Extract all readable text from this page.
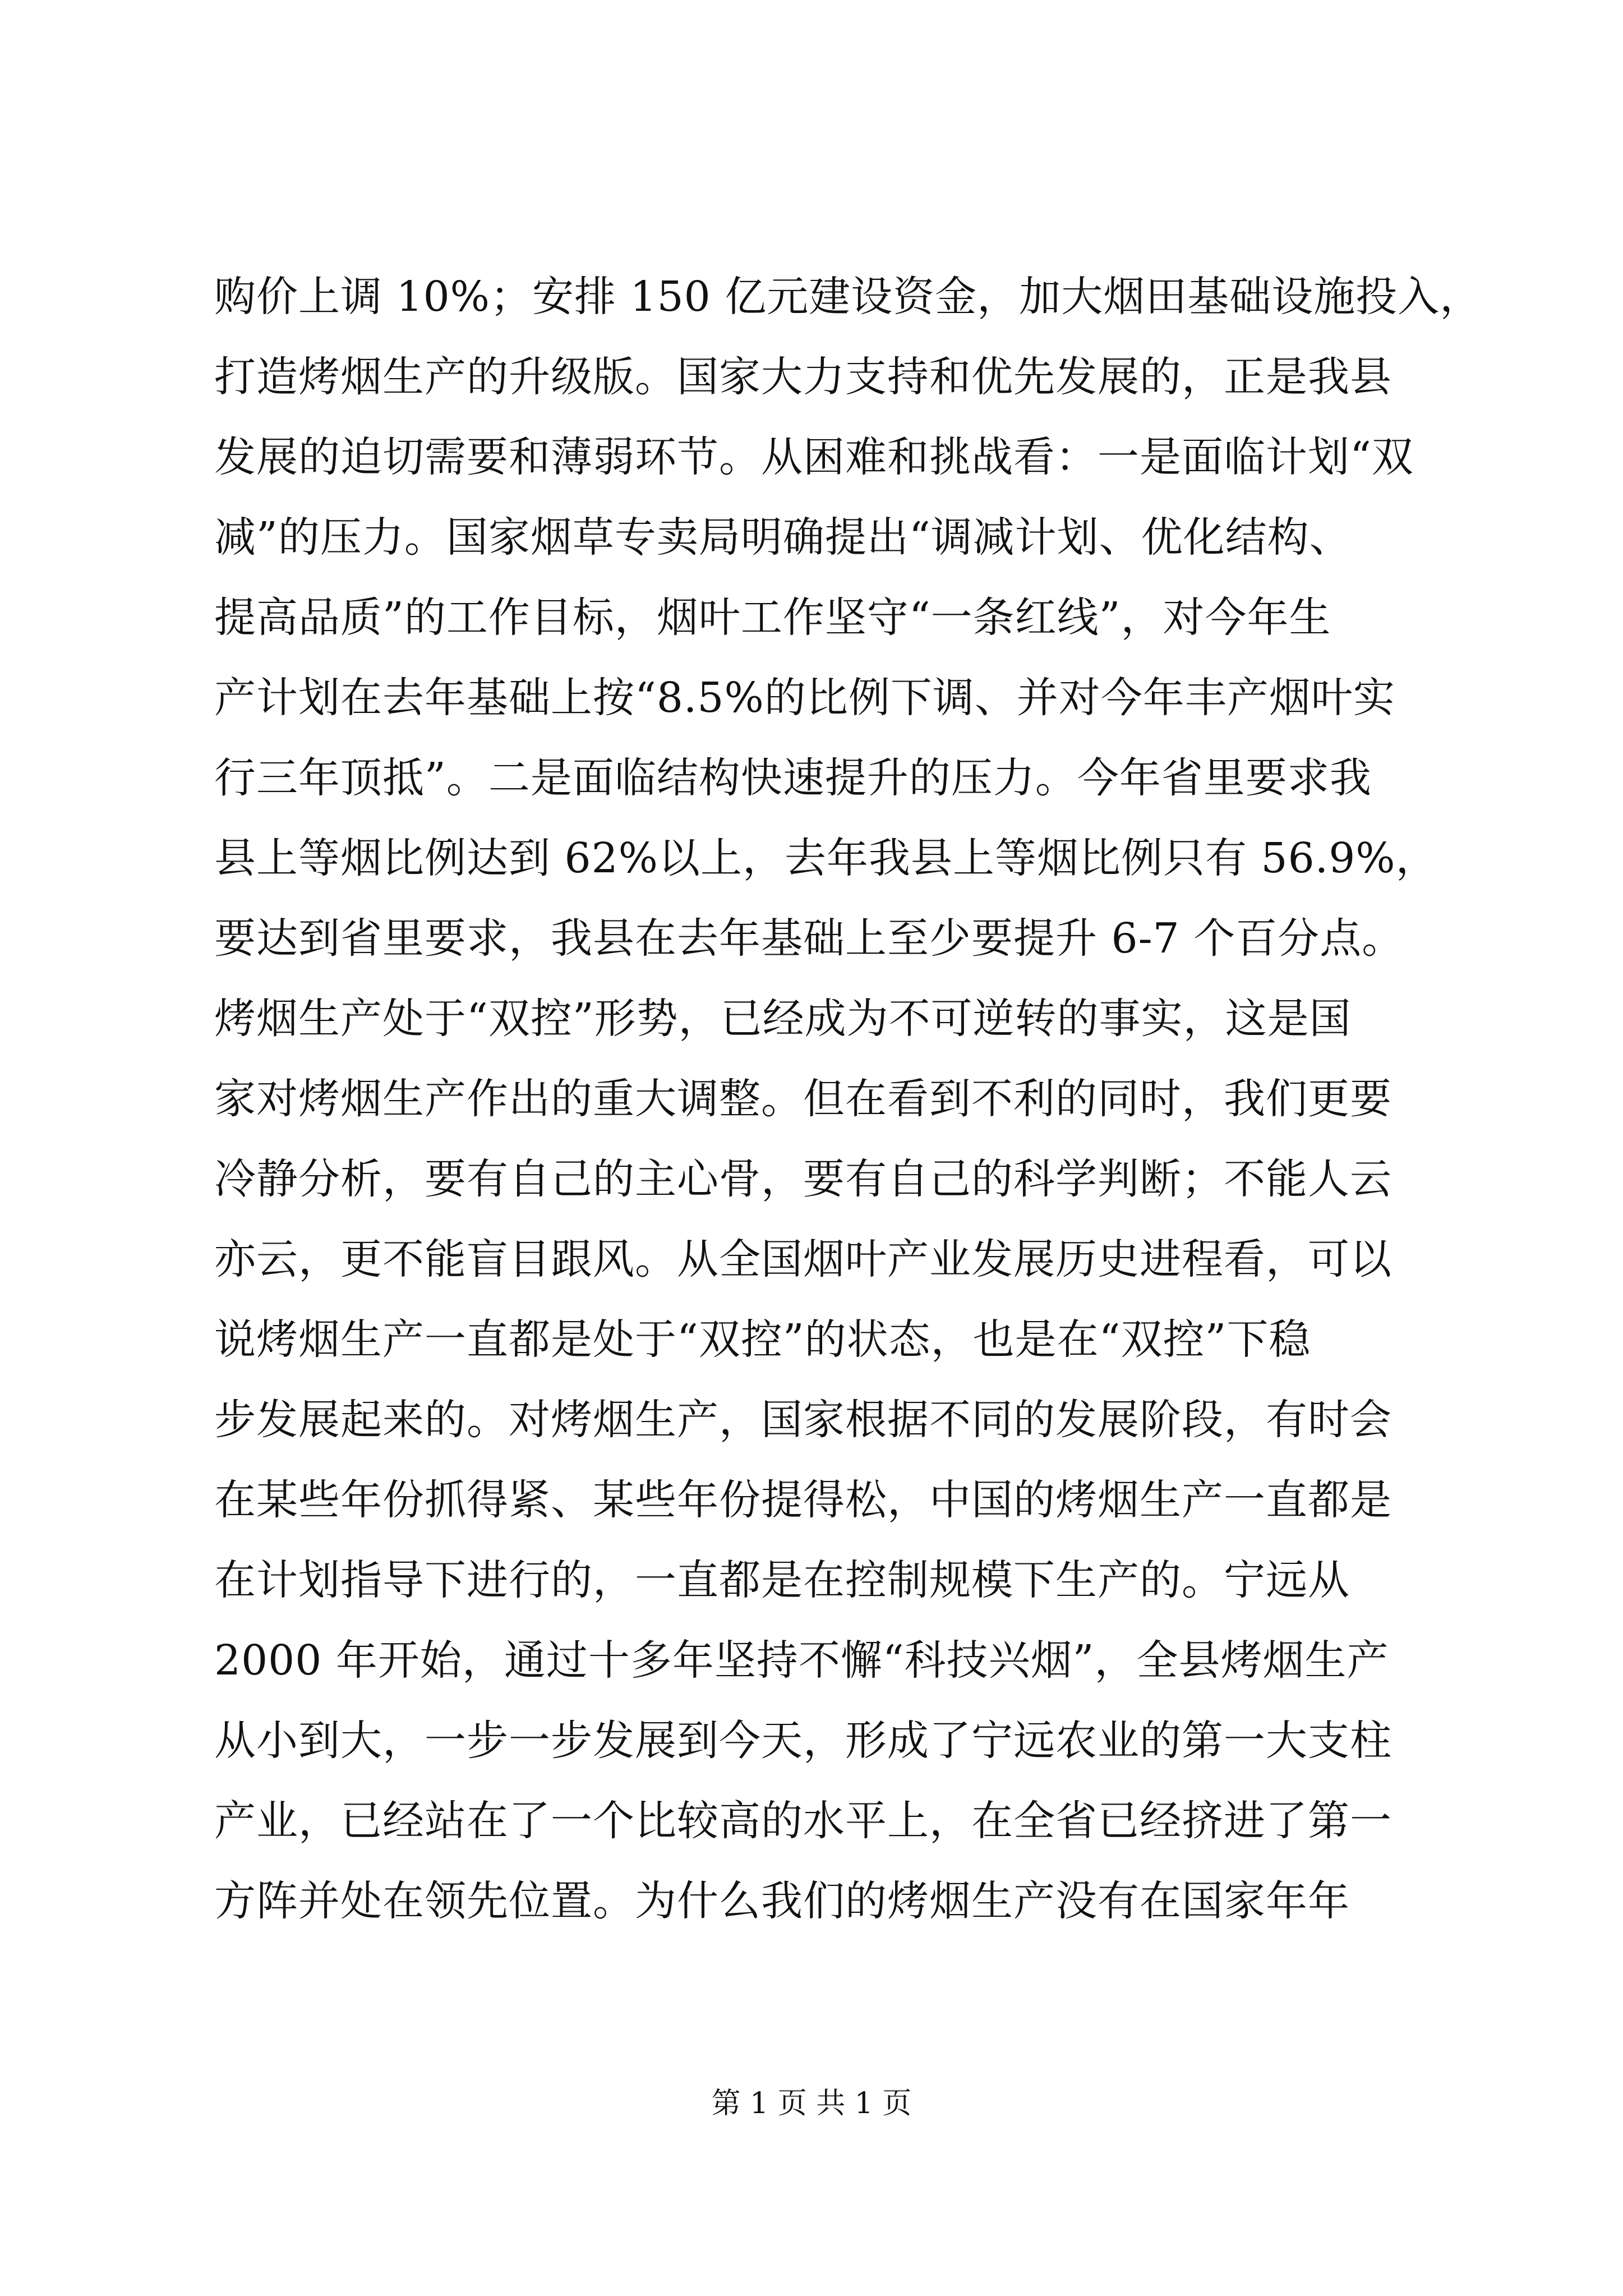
购价上调 10%；安排 150 亿元建设资金，加大烟田基础设施投入，
打造烤烟生产的升级版。国家大力支持和优先发展的，正是我县
发展的迫切需要和薄弱环节。从困难和挑战看：一是面临计划“双
减”的压力。国家烟草专卖局明确提出“调减计划、优化结构、
提高品质”的工作目标，烟叶工作坚守“一条红线”，对今年生
产计划在去年基础上按“8.5%的比例下调、并对今年丰产烟叶实
行三年顶抵”。二是面临结构快速提升的压力。今年省里要求我
县上等烟比例达到 62%以上，去年我县上等烟比例只有 56.9%，
要达到省里要求，我县在去年基础上至少要提升 6-7 个百分点。
烤烟生产处于“双控”形势，已经成为不可逆转的事实，这是国
家对烤烟生产作出的重大调整。但在看到不利的同时，我们更要
冷静分析，要有自己的主心骨，要有自己的科学判断；不能人云
亦云，更不能盲目跟风。从全国烟叶产业发展历史进程看，可以
说烤烟生产一直都是处于“双控”的状态，也是在“双控”下稳
步发展起来的。对烤烟生产，国家根据不同的发展阶段，有时会
在某些年份抓得紧、某些年份提得松，中国的烤烟生产一直都是
在计划指导下进行的，一直都是在控制规模下生产的。宁远从
2000 年开始，通过十多年坚持不懈“科技兴烟”，全县烤烟生产
从小到大，一步一步发展到今天，形成了宁远农业的第一大支柱
产业，已经站在了一个比较高的水平上，在全省已经挤进了第一
方阵并处在领先位置。为什么我们的烤烟生产没有在国家年年
第 1 页 共 1 页
